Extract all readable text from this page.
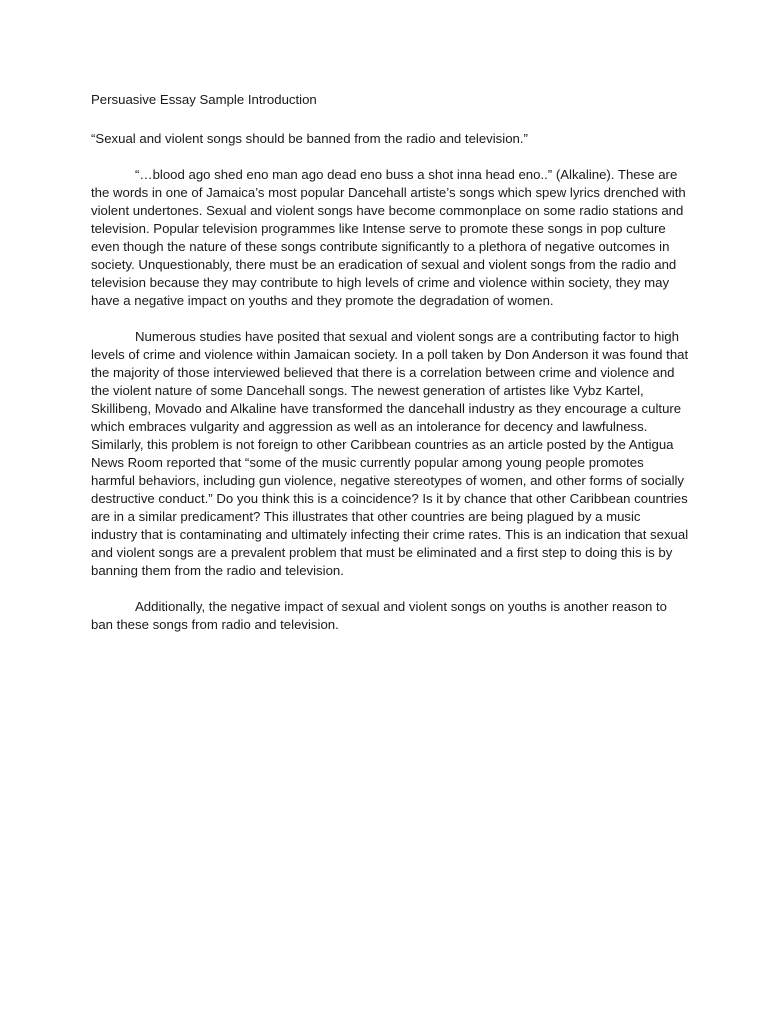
Persuasive Essay Sample Introduction

“Sexual and violent songs should be banned from the radio and television.”

“…blood ago shed eno man ago dead eno buss a shot inna head eno..” (Alkaline). These are the words in one of Jamaica’s most popular Dancehall artiste’s songs which spew lyrics drenched with violent undertones. Sexual and violent songs have become commonplace on some radio stations and television. Popular television programmes like Intense serve to promote these songs in pop culture even though the nature of these songs contribute significantly to a plethora of negative outcomes in society. Unquestionably, there must be an eradication of sexual and violent songs from the radio and television because they may contribute to high levels of crime and violence within society, they may have a negative impact on youths and they promote the degradation of women.

Numerous studies have posited that sexual and violent songs are a contributing factor to high levels of crime and violence within Jamaican society. In a poll taken by Don Anderson it was found that the majority of those interviewed believed that there is a correlation between crime and violence and the violent nature of some Dancehall songs. The newest generation of artistes like Vybz Kartel, Skillibeng, Movado and Alkaline have transformed the dancehall industry as they encourage a culture which embraces vulgarity and aggression as well as an intolerance for decency and lawfulness. Similarly, this problem is not foreign to other Caribbean countries as an article posted by the Antigua News Room reported that “some of the music currently popular among young people promotes harmful behaviors, including gun violence, negative stereotypes of women, and other forms of socially destructive conduct.” Do you think this is a coincidence? Is it by chance that other Caribbean countries are in a similar predicament? This illustrates that other countries are being plagued by a music industry that is contaminating and ultimately infecting their crime rates. This is an indication that sexual and violent songs are a prevalent problem that must be eliminated and a first step to doing this is by banning them from the radio and television.

Additionally, the negative impact of sexual and violent songs on youths is another reason to ban these songs from radio and television.
